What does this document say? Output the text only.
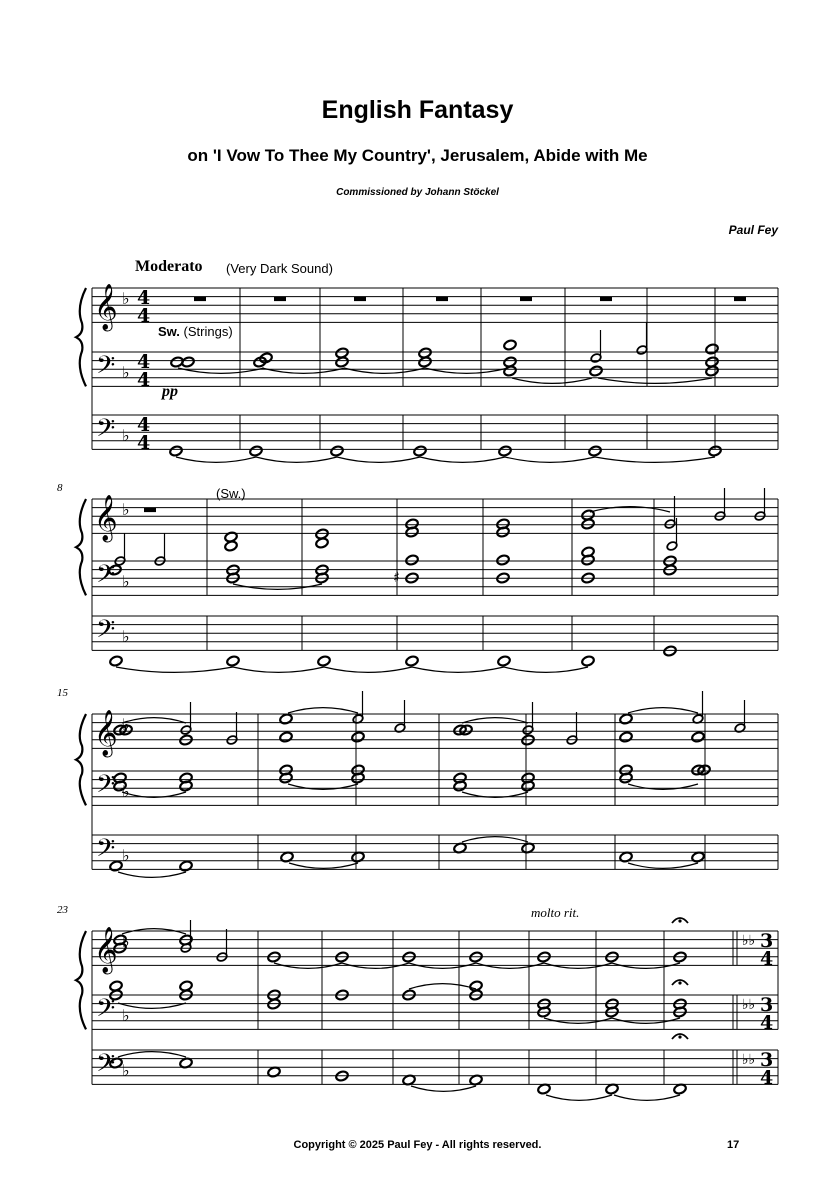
English Fantasy
on 'I Vow To Thee My Country', Jerusalem, Abide with Me
Commissioned by Johann Stöckel
Paul Fey
Moderato (Very Dark Sound)
Sw. (Strings)
pp
(Sw.)
molto rit.
8
15
23
𝄞
𝄢
𝄢
♭
♭
♭
𝄞
𝄢
𝄢
♭
♭
♭
𝄞
𝄢
𝄢
♭
♭
♭
𝄞
𝄢
𝄢
♭
♭
♭
4
4
4
4
4
4
♯
♭♭ 3
4
♭♭ 3
4
♭♭ 3
4
Copyright © 2025 Paul Fey - All rights reserved.	17
